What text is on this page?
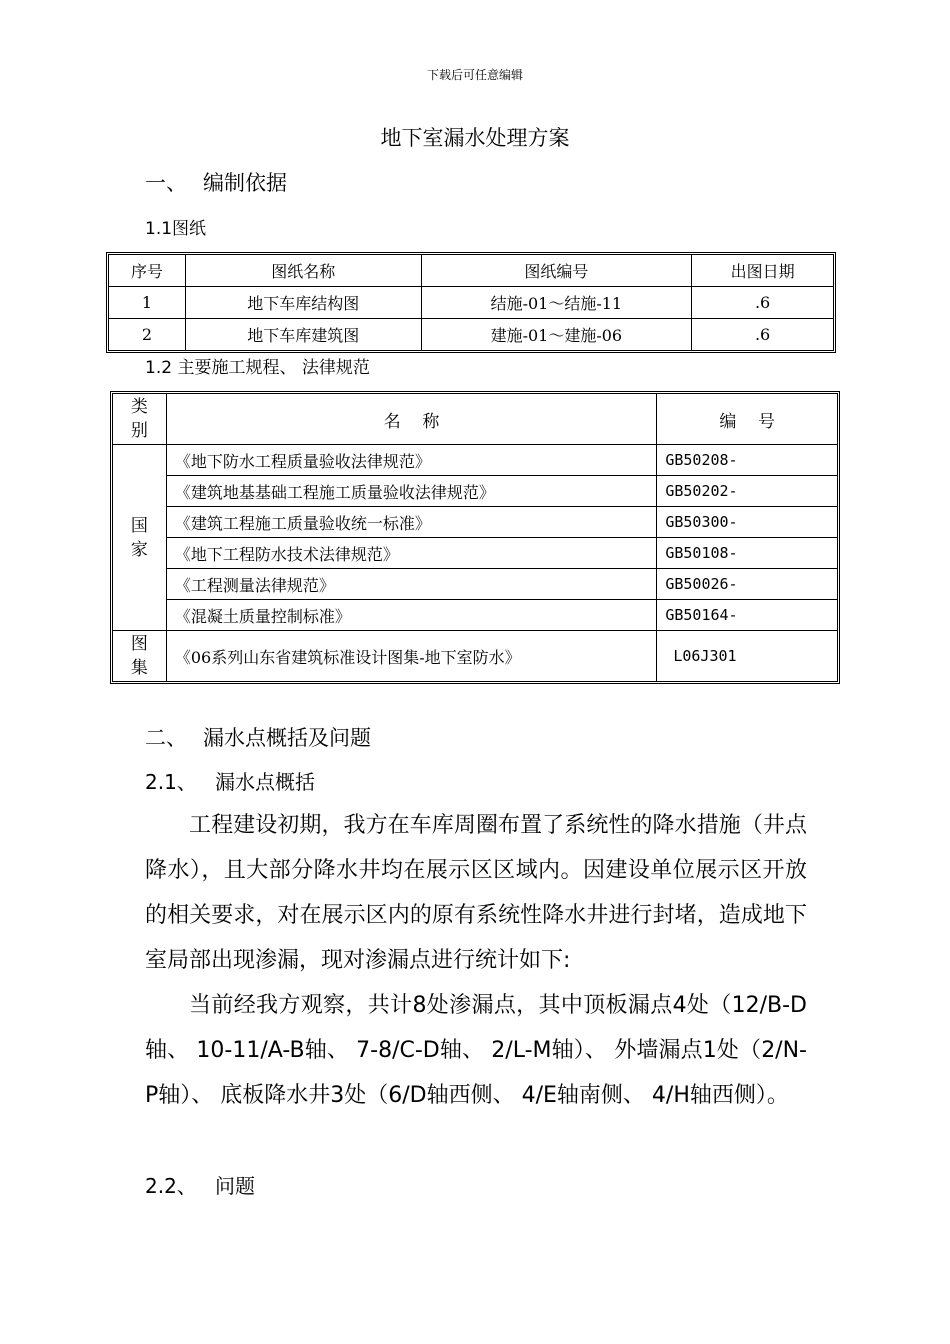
下载后可任意编辑
地下室漏水处理方案
一、 编制依据
1.1图纸
序号	图纸名称	图纸编号	出图日期
1	地下车库结构图	结施-01～结施-11	.6
2	地下车库建筑图	建施-01～建施-06	.6
1.2 主要施工规程、 法律规范
类
别	名    称	编    号
国
家	《地下防水工程质量验收法律规范》	GB50208-
	《建筑地基基础工程施工质量验收法律规范》	GB50202-
	《建筑工程施工质量验收统一标准》	GB50300-
	《地下工程防水技术法律规范》	GB50108-
	《工程测量法律规范》	GB50026-
	《混凝土质量控制标准》	GB50164-
图
集	《06系列山东省建筑标准设计图集-地下室防水》	L06J301
二、 漏水点概括及问题
2.1、 漏水点概括

工程建设初期，我方在车库周圈布置了系统性的降水措施（井点降水），且大部分降水井均在展示区区域内。因建设单位展示区开放的相关要求，对在展示区内的原有系统性降水井进行封堵，造成地下室局部出现渗漏，现对渗漏点进行统计如下:

当前经我方观察，共计8处渗漏点，其中顶板漏点4处（12/B-D轴、 10-11/A-B轴、 7-8/C-D轴、 2/L-M轴）、 外墙漏点1处（2/N-P轴）、 底板降水井3处（6/D轴西侧、 4/E轴南侧、 4/H轴西侧）。

2.2、 问题
